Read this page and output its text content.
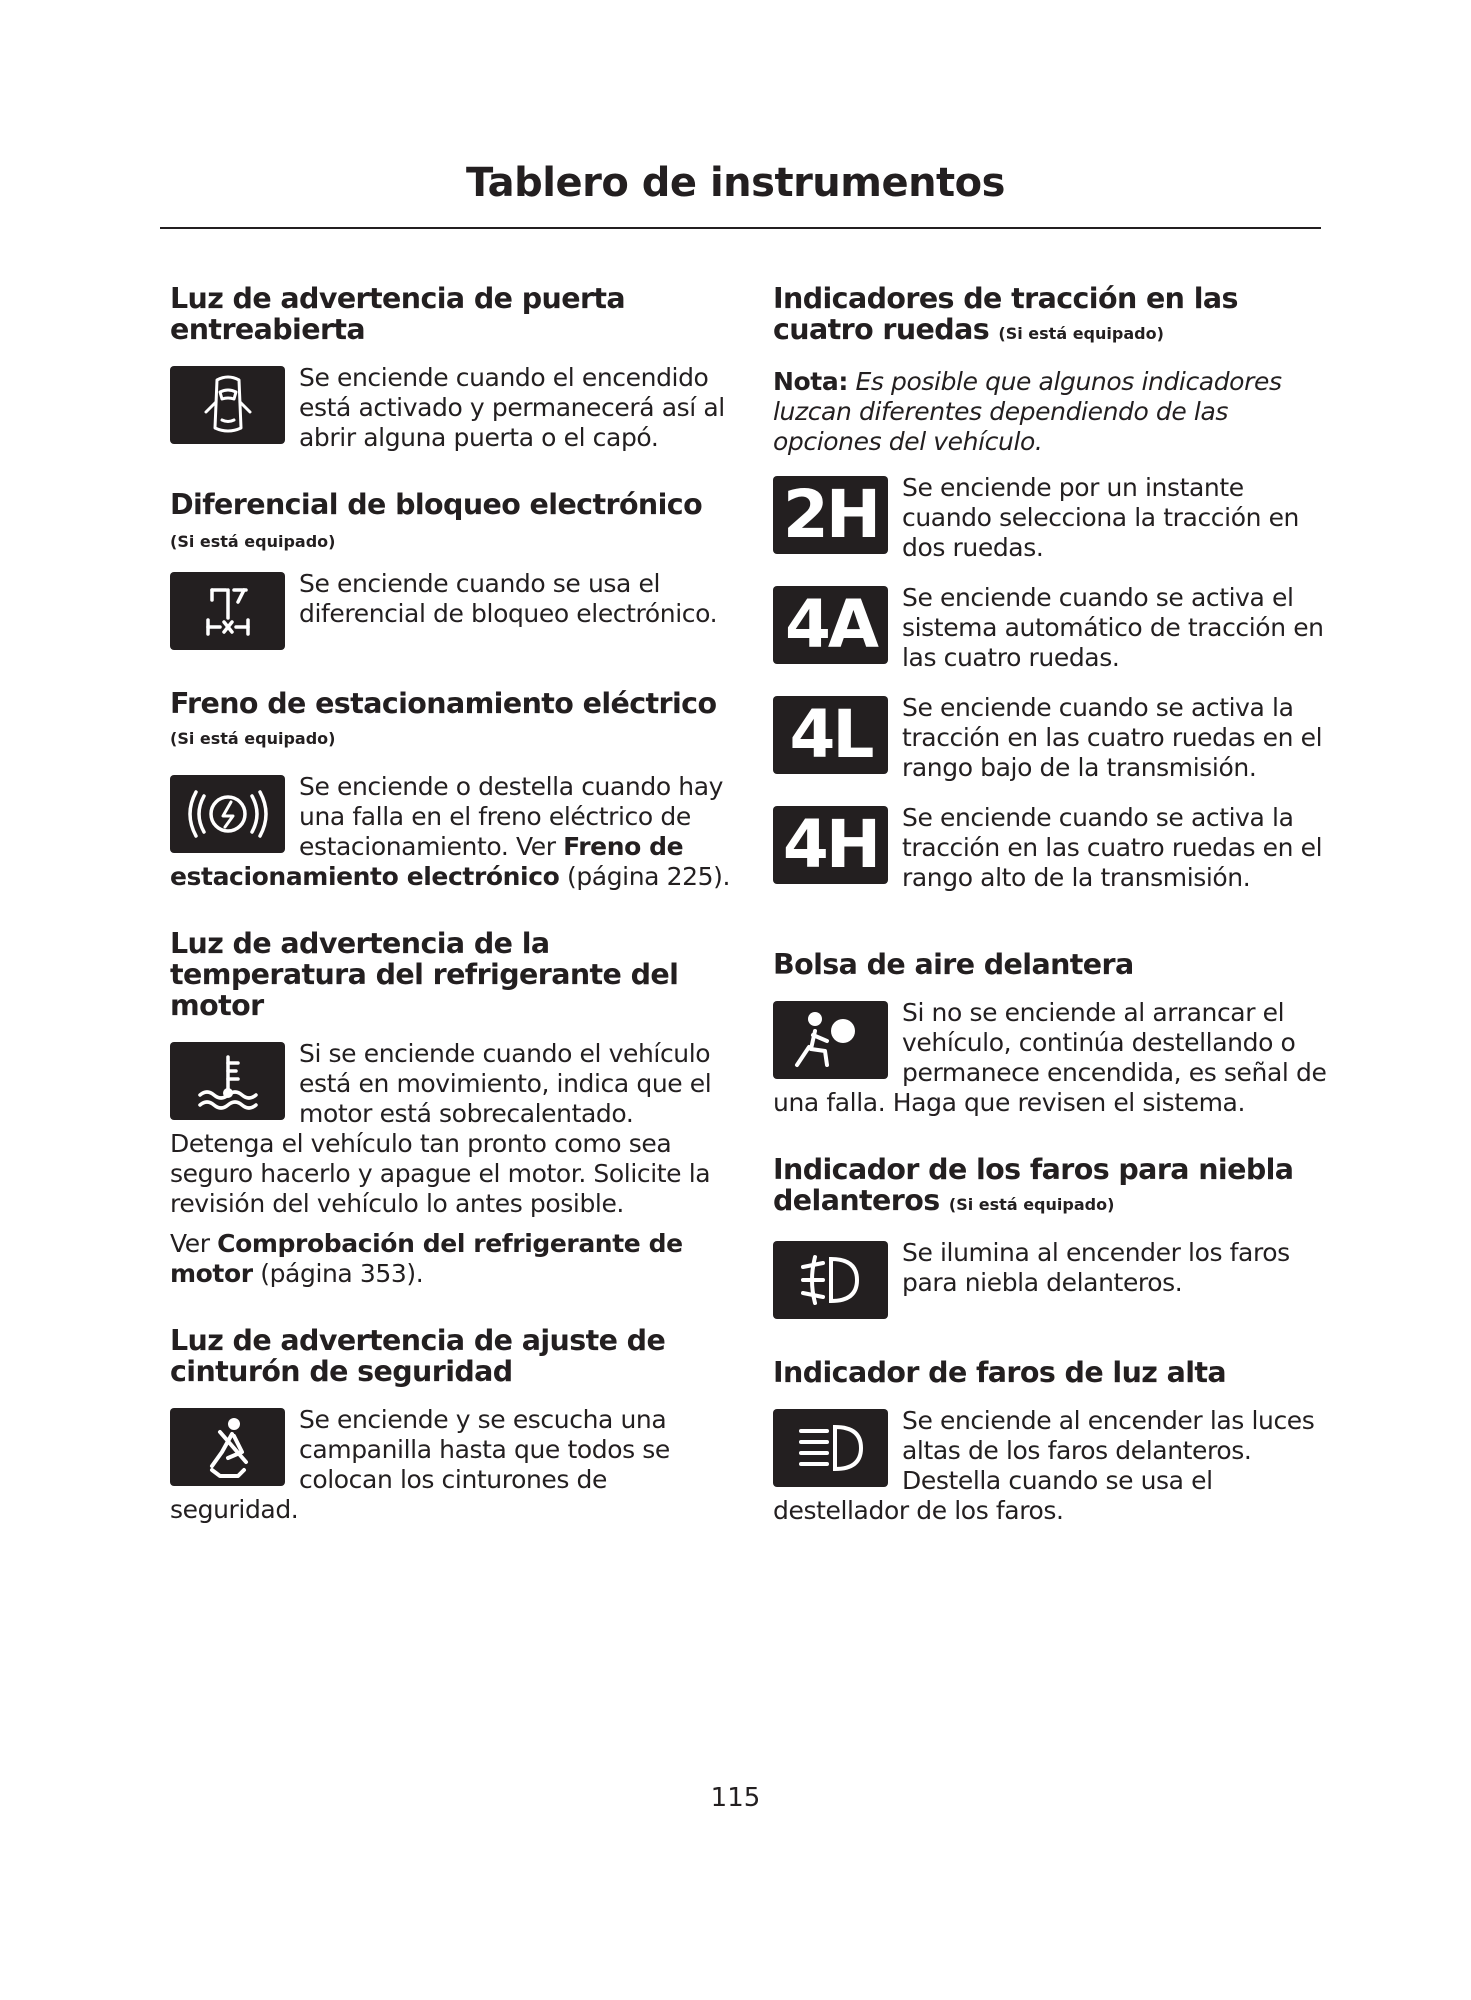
Tablero de instrumentos
Luz de advertencia de puerta entreabierta
Se enciende cuando el encendido está activado y permanecerá así al abrir alguna puerta o el capó.
Diferencial de bloqueo electrónico
(Si está equipado)
Se enciende cuando se usa el diferencial de bloqueo electrónico.
Freno de estacionamiento eléctrico (Si está equipado)
Se enciende o destella cuando hay una falla en el freno eléctrico de estacionamiento. Ver Freno de estacionamiento electrónico (página 225).
Luz de advertencia de la temperatura del refrigerante del motor
Si se enciende cuando el vehículo está en movimiento, indica que el motor está sobrecalentado. Detenga el vehículo tan pronto como sea seguro hacerlo y apague el motor. Solicite la revisión del vehículo lo antes posible.
Ver Comprobación del refrigerante de motor (página 353).
Luz de advertencia de ajuste de cinturón de seguridad
Se enciende y se escucha una campanilla hasta que todos se colocan los cinturones de seguridad.
Indicadores de tracción en las cuatro ruedas (Si está equipado)
Nota: Es posible que algunos indicadores luzcan diferentes dependiendo de las opciones del vehículo.
2H Se enciende por un instante cuando selecciona la tracción en dos ruedas.
4A	Se enciende cuando se activa el sistema automático de tracción en las cuatro ruedas.
4L	Se enciende cuando se activa la tracción en las cuatro ruedas en el rango bajo de la transmisión.
4H Se enciende cuando se activa la tracción en las cuatro ruedas en el rango alto de la transmisión.
Bolsa de aire delantera
Si no se enciende al arrancar el vehículo, continúa destellando o permanece encendida, es señal de una falla. Haga que revisen el sistema.
Indicador de los faros para niebla delanteros (Si está equipado)
Se ilumina al encender los faros para niebla delanteros.
Indicador de faros de luz alta
Se enciende al encender las luces altas de los faros delanteros. Destella cuando se usa el destellador de los faros.
115
